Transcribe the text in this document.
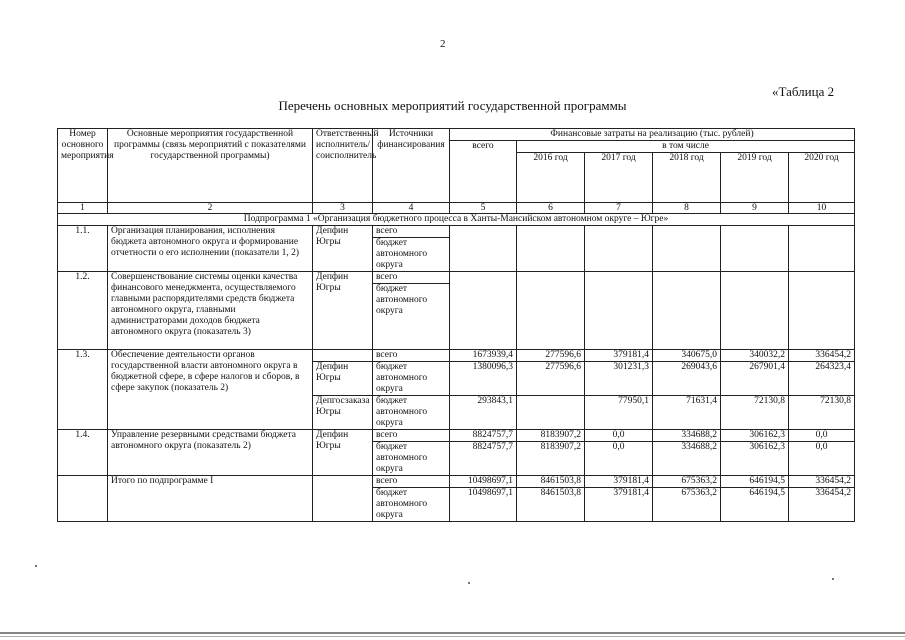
2
«Таблица 2
Перечень основных мероприятий государственной программы
Номер основного мероприятия	Основные мероприятия государственной программы (связь мероприятий с показателями государственной программы)	Ответственный исполнитель/ соисполнитель	Источники финансирования	Финансовые затраты на реализацию (тыс. рублей)					
				всего	в том числе				
					2016 год	2017 год	2018 год	2019 год	2020 год
1	2	3	4	5	6	7	8	9	10
Подпрограмма 1 «Организация бюджетного процесса в Ханты-Мансийском автономном округе – Югре»									
1.1.	Организация планирования, исполнения бюджета автономного округа и формирование отчетности о его исполнении (показатели 1, 2)	Депфин Югры	всего						
			бюджет автономного округа						
1.2.	Совершенствование системы оценки качества финансового менеджмента, осуществляемого главными распорядителями средств бюджета автономного округа, главными администраторами доходов бюджета автономного округа (показатель 3)	Депфин Югры	всего						
			бюджет автономного округа						
1.3.	Обеспечение деятельности органов государственной власти автономного округа в бюджетной сфере, в сфере налогов и сборов, в сфере закупок (показатель 2)		всего	1673939,4	277596,6	379181,4	340675,0	340032,2	336454,2
		Депфин Югры	бюджет автономного округа	1380096,3	277596,6	301231,3	269043,6	267901,4	264323,4
		Депгосзаказа Югры	бюджет автономного округа	293843,1		77950,1	71631,4	72130,8	72130,8
1.4.	Управление резервными средствами бюджета автономного округа (показатель 2)	Депфин Югры	всего	8824757,7	8183907,2	0,0	334688,2	306162,3	0,0
			бюджет автономного округа	8824757,7	8183907,2	0,0	334688,2	306162,3	0,0
	Итого по подпрограмме I		всего	10498697,1	8461503,8	379181,4	675363,2	646194,5	336454,2
			бюджет автономного округа	10498697,1	8461503,8	379181,4	675363,2	646194,5	336454,2
